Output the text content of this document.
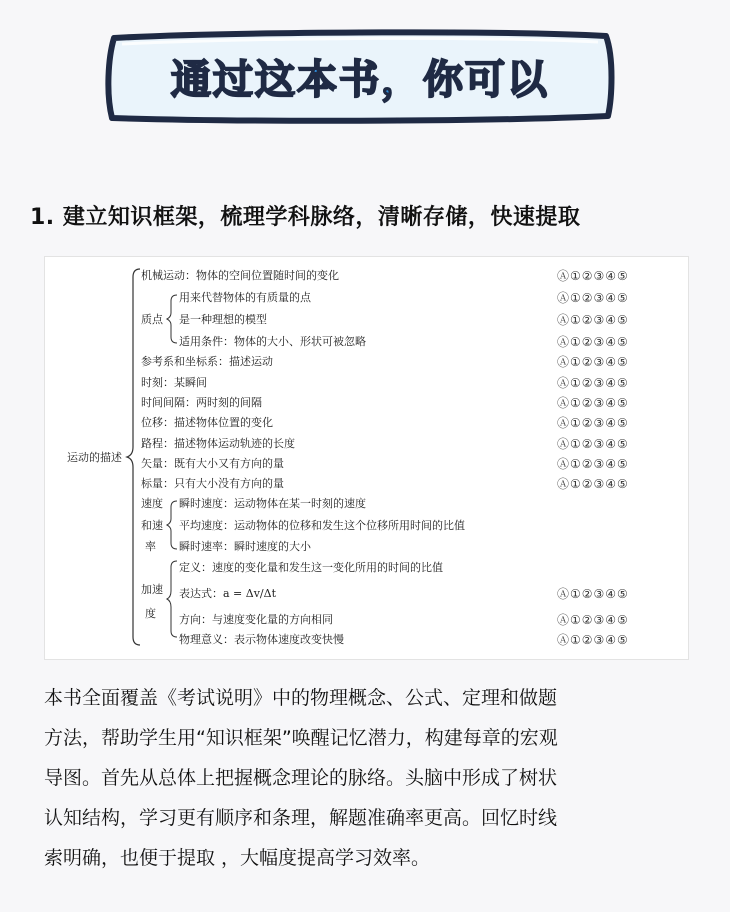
通过这本书，你可以
1. 建立知识框架，梳理学科脉络，清晰存储，快速提取
运动的描述
机械运动：物体的空间位置随时间的变化	Ⓐ①②③④⑤
用来代替物体的有质量的点	Ⓐ①②③④⑤
质点 是一种理想的模型	Ⓐ①②③④⑤
适用条件：物体的大小、形状可被忽略	Ⓐ①②③④⑤
参考系和坐标系：描述运动	Ⓐ①②③④⑤
时刻：某瞬间	Ⓐ①②③④⑤
时间间隔：两时刻的间隔	Ⓐ①②③④⑤
位移：描述物体位置的变化	Ⓐ①②③④⑤
路程：描述物体运动轨迹的长度	Ⓐ①②③④⑤
矢量：既有大小又有方向的量	Ⓐ①②③④⑤
标量：只有大小没有方向的量	Ⓐ①②③④⑤
速度 瞬时速度：运动物体在某一时刻的速度
和速 平均速度：运动物体的位移和发生这个位移所用时间的比值
率 瞬时速率：瞬时速度的大小
定义：速度的变化量和发生这一变化所用的时间的比值
加速 表达式：a = Δv/Δt	Ⓐ①②③④⑤
度 方向：与速度变化量的方向相同	Ⓐ①②③④⑤
物理意义：表示物体速度改变快慢	Ⓐ①②③④⑤
本书全面覆盖《考试说明》中的物理概念、公式、定理和做题
方法，帮助学生用“知识框架”唤醒记忆潜力，构建每章的宏观
导图。首先从总体上把握概念理论的脉络。头脑中形成了树状
认知结构，学习更有顺序和条理，解题准确率更高。回忆时线
索明确，也便于提取 ，大幅度提高学习效率。
